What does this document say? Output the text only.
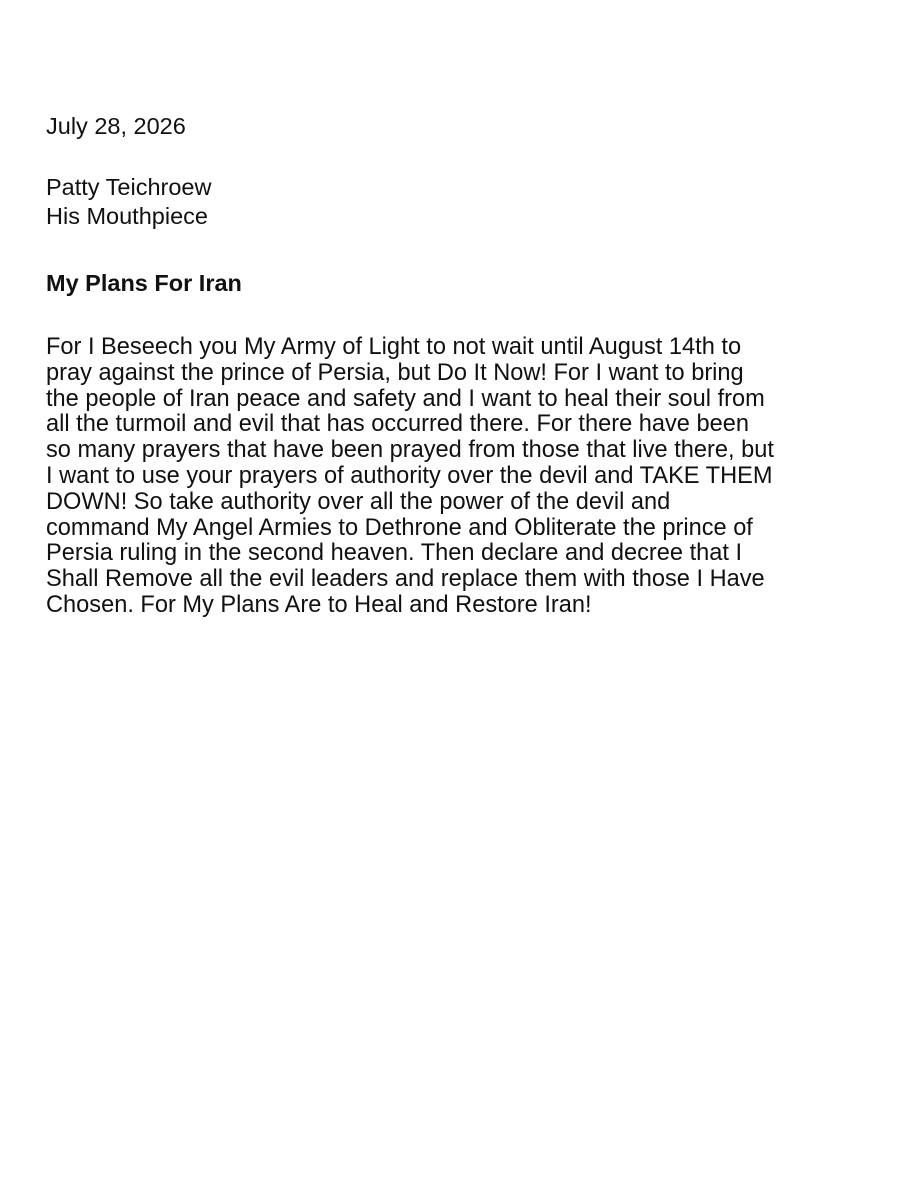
July 28, 2026

Patty Teichroew
His Mouthpiece
My Plans For Iran
For I Beseech you My Army of Light to not wait until August 14th to
pray against the prince of Persia, but Do It Now! For I want to bring
the people of Iran peace and safety and I want to heal their soul from
all the turmoil and evil that has occurred there. For there have been
so many prayers that have been prayed from those that live there, but
I want to use your prayers of authority over the devil and TAKE THEM
DOWN! So take authority over all the power of the devil and
command My Angel Armies to Dethrone and Obliterate the prince of
Persia ruling in the second heaven. Then declare and decree that I
Shall Remove all the evil leaders and replace them with those I Have
Chosen. For My Plans Are to Heal and Restore Iran!
